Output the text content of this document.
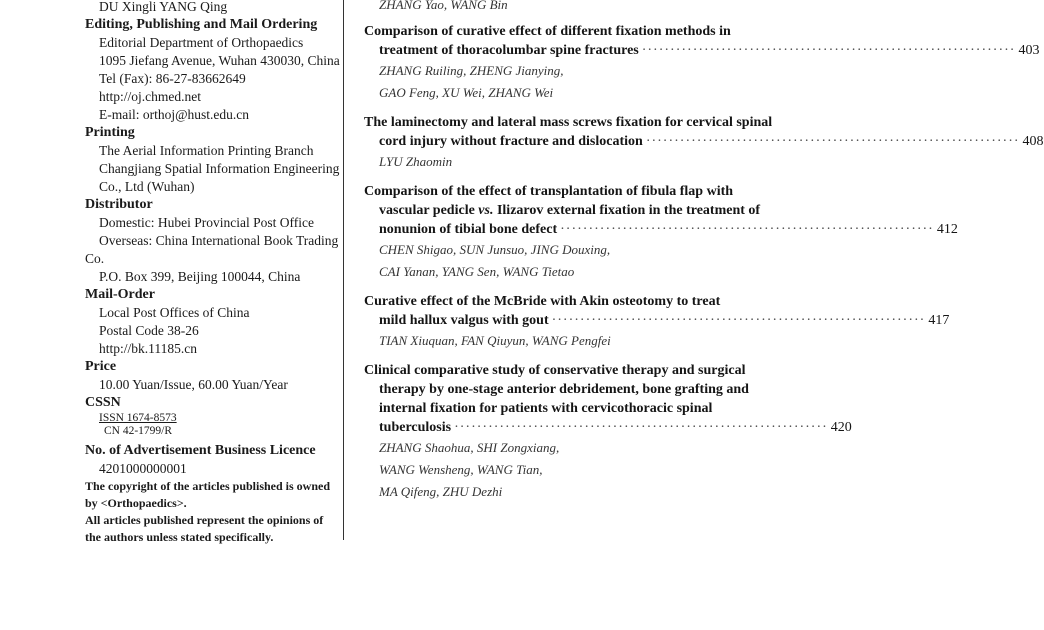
DU Xingli YANG Qing
Editing, Publishing and Mail Ordering
Editorial Department of Orthopaedics
1095 Jiefang Avenue, Wuhan 430030, China
Tel (Fax): 86-27-83662649
http://oj.chmed.net
E-mail: orthoj@hust.edu.cn
Printing
The Aerial Information Printing Branch
Changjiang Spatial Information Engineering
Co., Ltd (Wuhan)
Distributor
Domestic: Hubei Provincial Post Office
Overseas: China International Book Trading
Co.
P.O. Box 399, Beijing 100044, China
Mail-Order
Local Post Offices of China
Postal Code 38-26
http://bk.11185.cn
Price
10.00 Yuan/Issue, 60.00 Yuan/Year
CSSN
ISSN 1674-8573
CN 42-1799/R
No. of Advertisement Business Licence
4201000000001
The copyright of the articles published is owned
by <Orthopaedics>.
All articles published represent the opinions of
the authors unless stated specifically.
ZHANG Yao, WANG Bin
Comparison of curative effect of different fixation methods in
treatment of thoracolumbar spine fractures ·································································· 403
ZHANG Ruiling, ZHENG Jianying,
GAO Feng, XU Wei, ZHANG Wei
The laminectomy and lateral mass screws fixation for cervical spinal
cord injury without fracture and dislocation ·································································· 408
LYU Zhaomin
Comparison of the effect of transplantation of fibula flap with
vascular pedicle vs. Ilizarov external fixation in the treatment of
nonunion of tibial bone defect ·································································· 412
CHEN Shigao, SUN Junsuo, JING Douxing,
CAI Yanan, YANG Sen, WANG Tietao
Curative effect of the McBride with Akin osteotomy to treat
mild hallux valgus with gout ·································································· 417
TIAN Xiuquan, FAN Qiuyun, WANG Pengfei
Clinical comparative study of conservative therapy and surgical
therapy by one-stage anterior debridement, bone grafting and
internal fixation for patients with cervicothoracic spinal
tuberculosis ·································································· 420
ZHANG Shaohua, SHI Zongxiang,
WANG Wensheng, WANG Tian,
MA Qifeng, ZHU Dezhi
